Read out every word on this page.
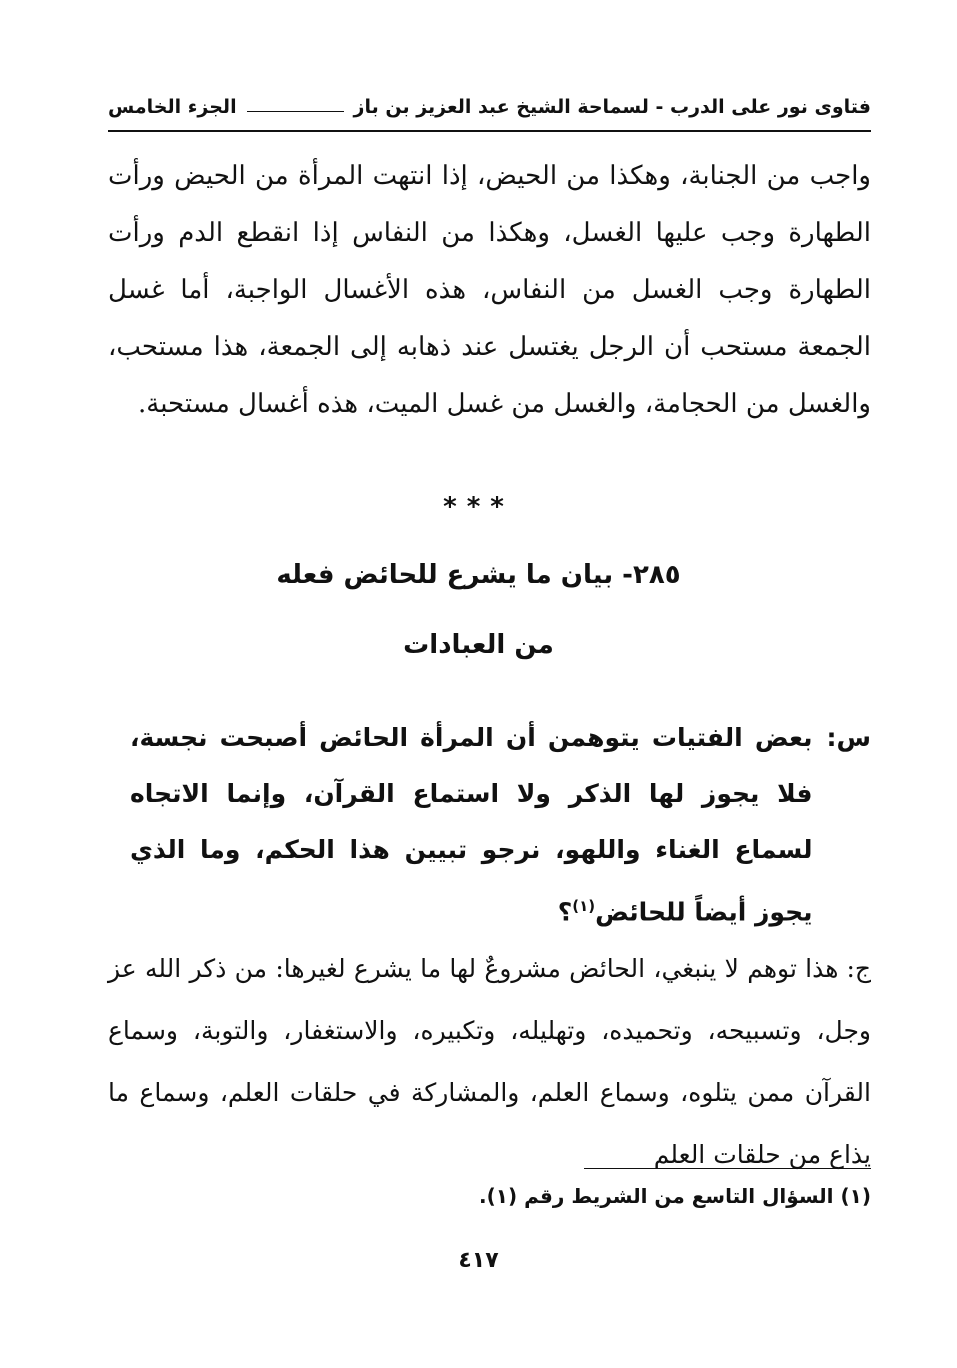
الجزء الخامس	فتاوى نور على الدرب - لسماحة الشيخ عبد العزيز بن باز
واجب من الجنابة، وهكذا من الحيض، إذا انتهت المرأة من الحيض ورأت الطهارة وجب عليها الغسل، وهكذا من النفاس إذا انقطع الدم ورأت الطهارة وجب الغسل من النفاس، هذه الأغسال الواجبة، أما غسل الجمعة مستحب أن الرجل يغتسل عند ذهابه إلى الجمعة، هذا مستحب، والغسل من الحجامة، والغسل من غسل الميت، هذه أغسال مستحبة.
***
٢٨٥- بيان ما يشرع للحائض فعله
من العبادات
س:
بعض الفتيات يتوهمن أن المرأة الحائض أصبحت نجسة، فلا يجوز لها الذكر ولا استماع القرآن، وإنما الاتجاه لسماع الغناء واللهو، نرجو تبيين هذا الحكم، وما الذي يجوز أيضاً للحائض$^{(١)}$؟
ج:هذا توهم لا ينبغي، الحائض مشروعٌ لها ما يشرع لغيرها: من ذكر الله عز وجل، وتسبيحه، وتحميده، وتهليله، وتكبيره، والاستغفار، والتوبة، وسماع القرآن ممن يتلوه، وسماع العلم، والمشاركة في حلقات العلم، وسماع ما يذاع من حلقات العلم
(١) السؤال التاسع من الشريط رقم (١).
٤١٧
